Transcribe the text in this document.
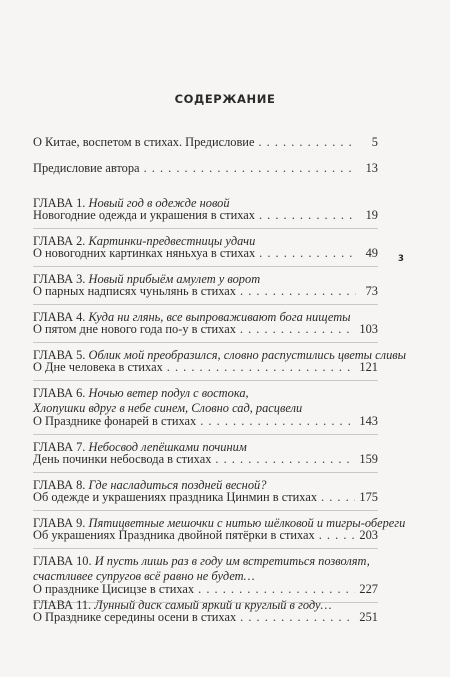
СОДЕРЖАНИЕ
3
О Китае, воспетом в стихах. Предисловие . . .	5
Предисловие автора . . .	13
ГЛАВА 1. Новый год в одежде новой
Новогодние одежда и украшения в стихах . . .	19
ГЛАВА 2. Картинки-предвестницы удачи
О новогодних картинках няньхуа в стихах . . .	49
ГЛАВА 3. Новый прибыём амулет у ворот
О парных надписях чуньлянь в стихах . . .	73
ГЛАВА 4. Куда ни глянь, все выпроваживают бога нищеты
О пятом дне нового года по-у в стихах . . .	103
ГЛАВА 5. Облик мой преобразился, словно распустились цветы сливы
О Дне человека в стихах . . .	121
ГЛАВА 6. Ночью ветер подул с востока,
Хлопушки вдруг в небе синем, Словно сад, расцвели
О Празднике фонарей в стихах . . .	143
ГЛАВА 7. Небосвод лепёшками починим
День починки небосвода в стихах . . .	159
ГЛАВА 8. Где насладиться поздней весной?
Об одежде и украшениях праздника Цинмин в стихах . . .	175
ГЛАВА 9. Пятицветные мешочки с нитью шёлковой и тигры-обереги
Об украшениях Праздника двойной пятёрки в стихах . . .	203
ГЛАВА 10. И пусть лишь раз в году им встретиться позволят,
счастливее супругов всё равно не будет…
О празднике Цисицзе в стихах . . .	227
ГЛАВА 11. Лунный диск самый яркий и круглый в году…
О Празднике середины осени в стихах . . .	251
